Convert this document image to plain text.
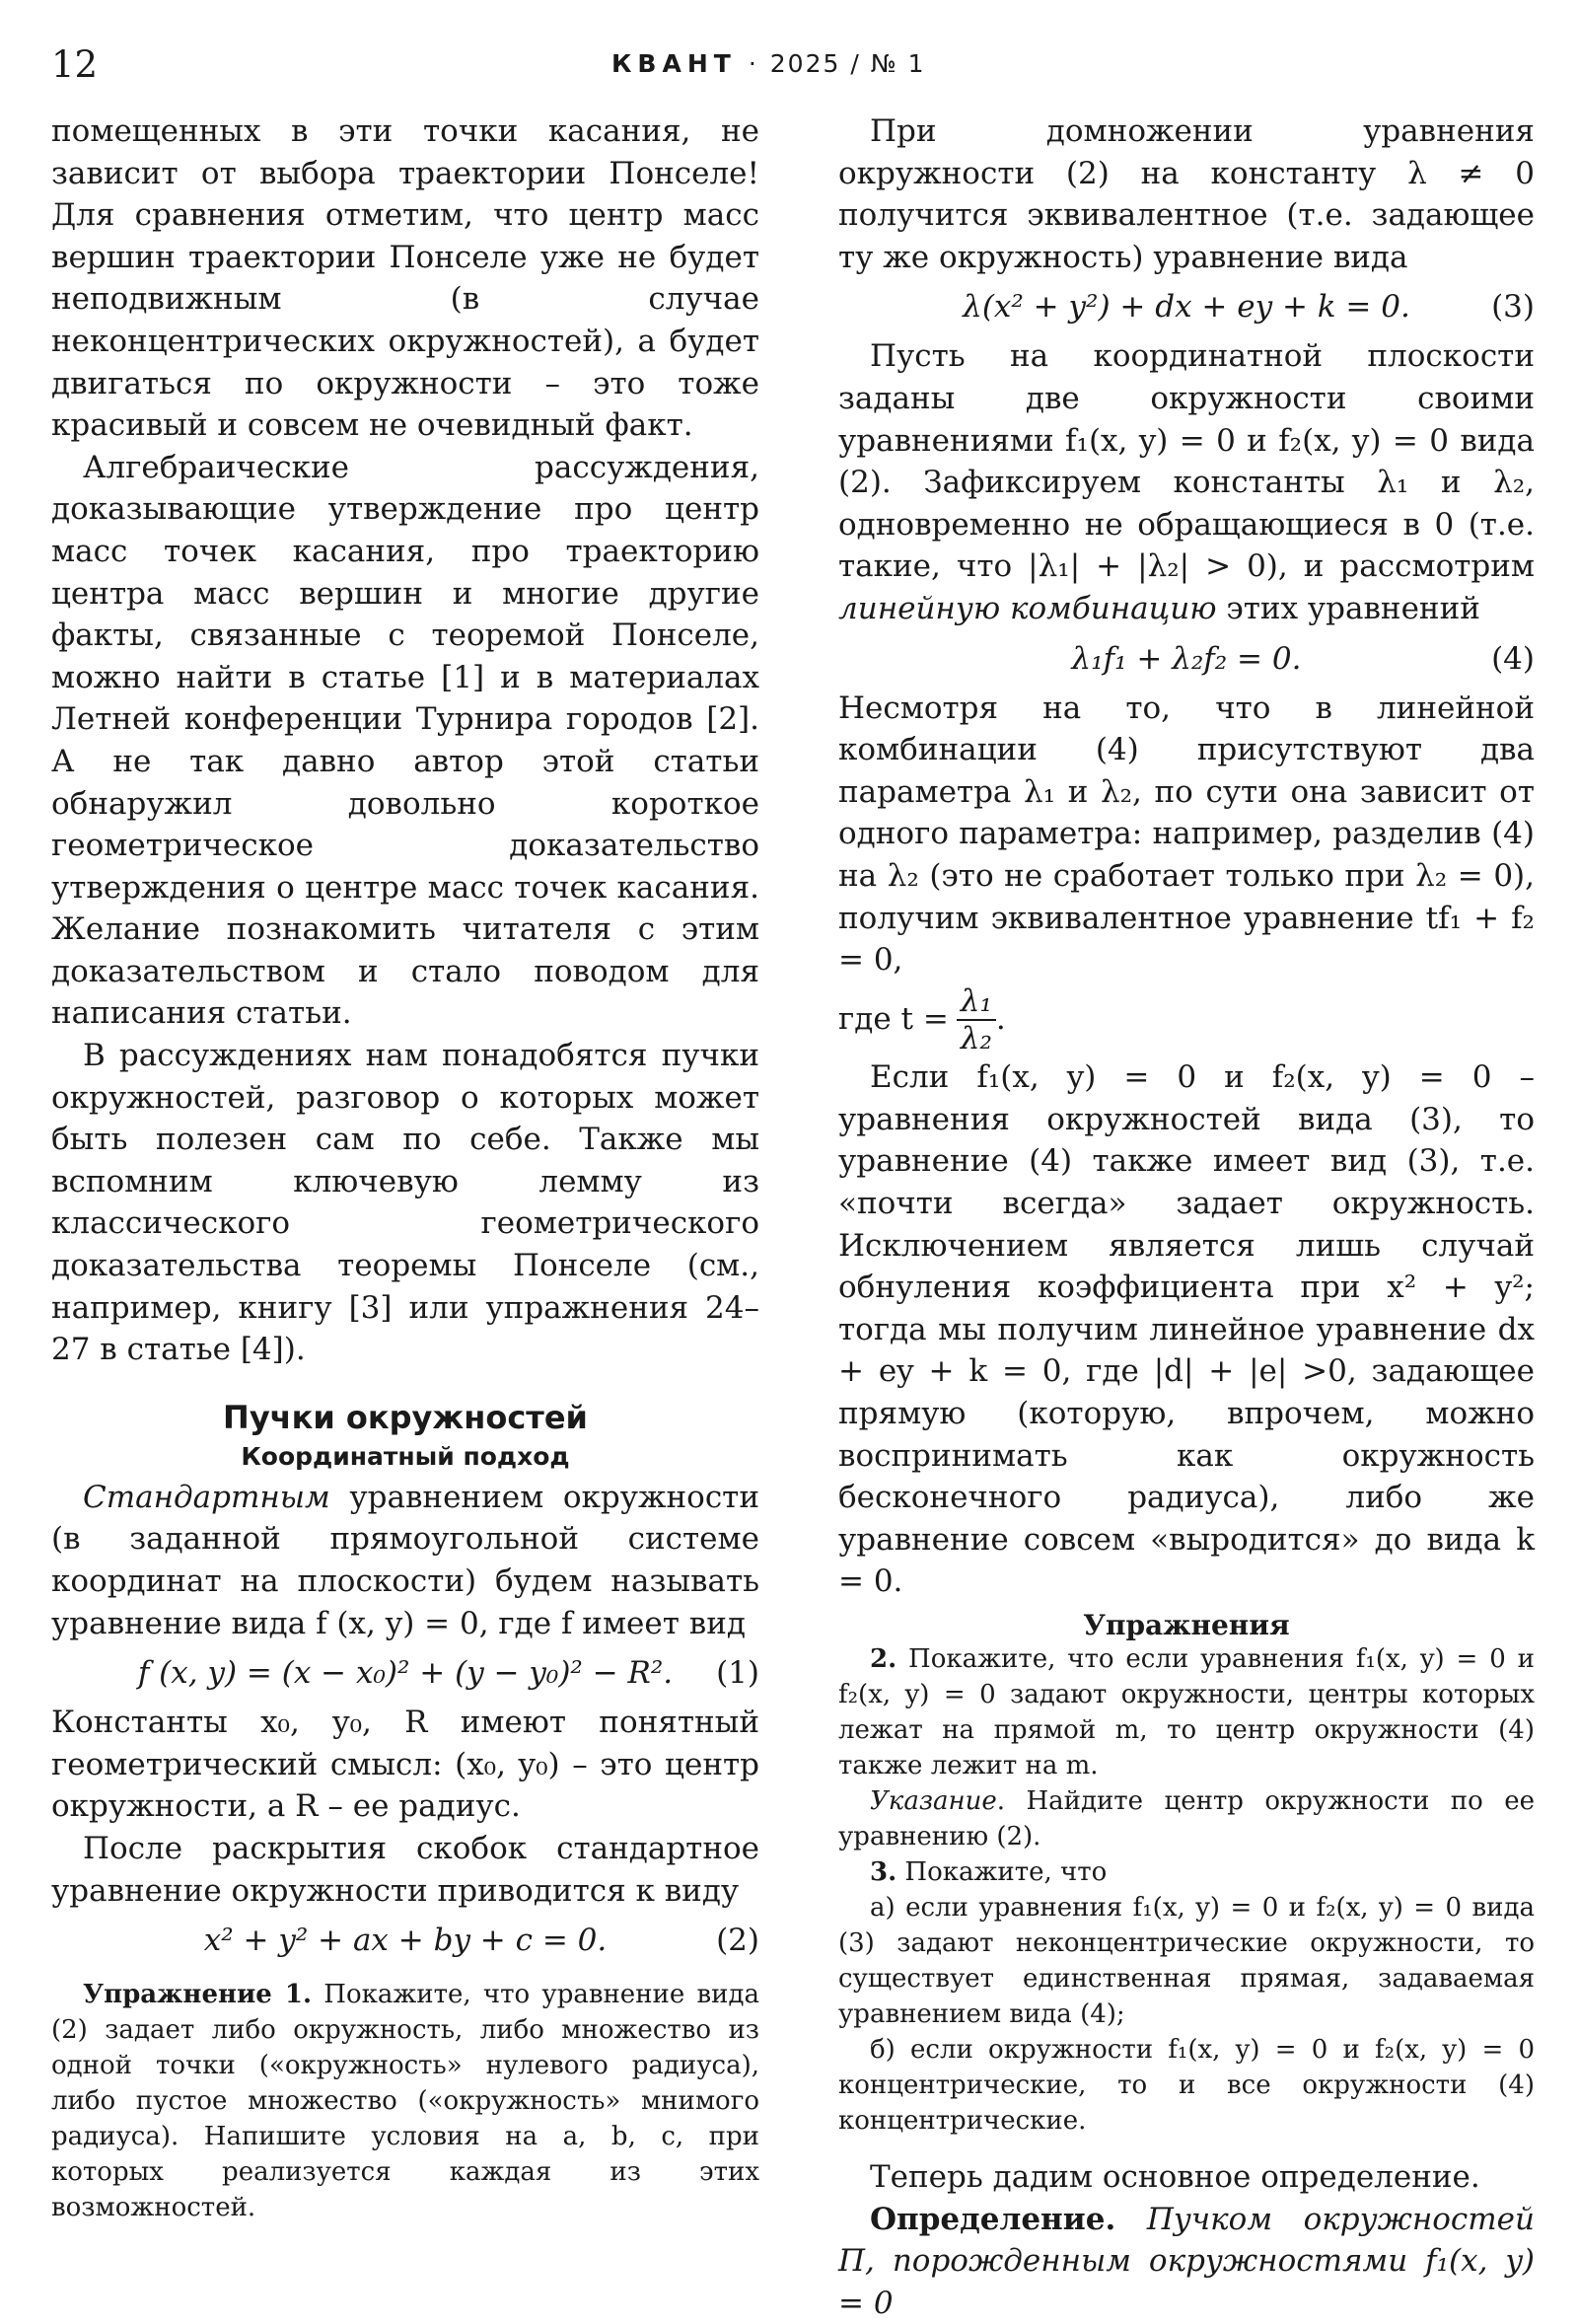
12	КВАНТ · 2025 / № 1

помещенных в эти точки касания, не зависит от выбора траектории Понселе! Для сравнения отметим, что центр масс вершин траектории Понселе уже не будет неподвижным (в случае неконцентрических окружностей), а будет двигаться по окружности – это тоже красивый и совсем не очевидный факт.

Алгебраические рассуждения, доказывающие утверждение про центр масс точек касания, про траекторию центра масс вершин и многие другие факты, связанные с теоремой Понселе, можно найти в статье [1] и в материалах Летней конференции Турнира городов [2]. А не так давно автор этой статьи обнаружил довольно короткое геометрическое доказательство утверждения о центре масс точек касания. Желание познакомить читателя с этим доказательством и стало поводом для написания статьи.

В рассуждениях нам понадобятся пучки окружностей, разговор о которых может быть полезен сам по себе. Также мы вспомним ключевую лемму из классического геометрического доказательства теоремы Понселе (см., например, книгу [3] или упражнения 24–27 в статье [4]).

Пучки окружностей
Координатный подход

Стандартным уравнением окружности (в заданной прямоугольной системе координат на плоскости) будем называть уравнение вида f (x, y) = 0, где f имеет вид

f (x, y) = (x − x₀)² + (y − y₀)² − R². (1)

Константы x₀, y₀, R имеют понятный геометрический смысл: (x₀, y₀) – это центр окружности, а R – ее радиус.

После раскрытия скобок стандартное уравнение окружности приводится к виду

x² + y² + ax + by + c = 0.	(2)

Упражнение 1. Покажите, что уравнение вида (2) задает либо окружность, либо множество из одной точки («окружность» нулевого радиуса), либо пустое множество («окружность» мнимого радиуса). Напишите условия на a, b, c, при которых реализуется каждая из этих возможностей.

При домножении уравнения окружности (2) на константу λ ≠ 0 получится эквивалентное (т.е. задающее ту же окружность) уравнение вида

λ(x² + y²) + dx + ey + k = 0.	(3)

Пусть на координатной плоскости заданы две окружности своими уравнениями f₁(x, y) = 0 и f₂(x, y) = 0 вида (2). Зафиксируем константы λ₁ и λ₂, одновременно не обращающиеся в 0 (т.е. такие, что |λ₁| + |λ₂| > 0), и рассмотрим линейную комбинацию этих уравнений

λ₁f₁ + λ₂f₂ = 0.	(4)

Несмотря на то, что в линейной комбинации (4) присутствуют два параметра λ₁ и λ₂, по сути она зависит от одного параметра: например, разделив (4) на λ₂ (это не сработает только при λ₂ = 0), получим эквивалентное уравнение tf₁ + f₂ = 0,

где $t = \frac{\text{λ₁}}{\text{λ₂}}$ .

Если f₁(x, y) = 0 и f₂(x, y) = 0 – уравнения окружностей вида (3), то уравнение (4) также имеет вид (3), т.е. «почти всегда» задает окружность. Исключением является лишь случай обнуления коэффициента при x² + y²; тогда мы получим линейное уравнение dx + ey + k = 0, где |d| + |e| >0, задающее прямую (которую, впрочем, можно воспринимать как окружность бесконечного радиуса), либо же уравнение совсем «выродится» до вида k = 0.

Упражнения

2. Покажите, что если уравнения f₁(x, y) = 0 и f₂(x, y) = 0 задают окружности, центры которых лежат на прямой m, то центр окружности (4) также лежит на m.

Указание. Найдите центр окружности по ее уравнению (2).

3. Покажите, что

а) если уравнения f₁(x, y) = 0 и f₂(x, y) = 0 вида (3) задают неконцентрические окружности, то существует единственная прямая, задаваемая уравнением вида (4);

б) если окружности f₁(x, y) = 0 и f₂(x, y) = 0 концентрические, то и все окружности (4) концентрические.

Теперь дадим основное определение.

Определение. Пучком окружностей Π, порожденным окружностями f₁(x, y) = 0
